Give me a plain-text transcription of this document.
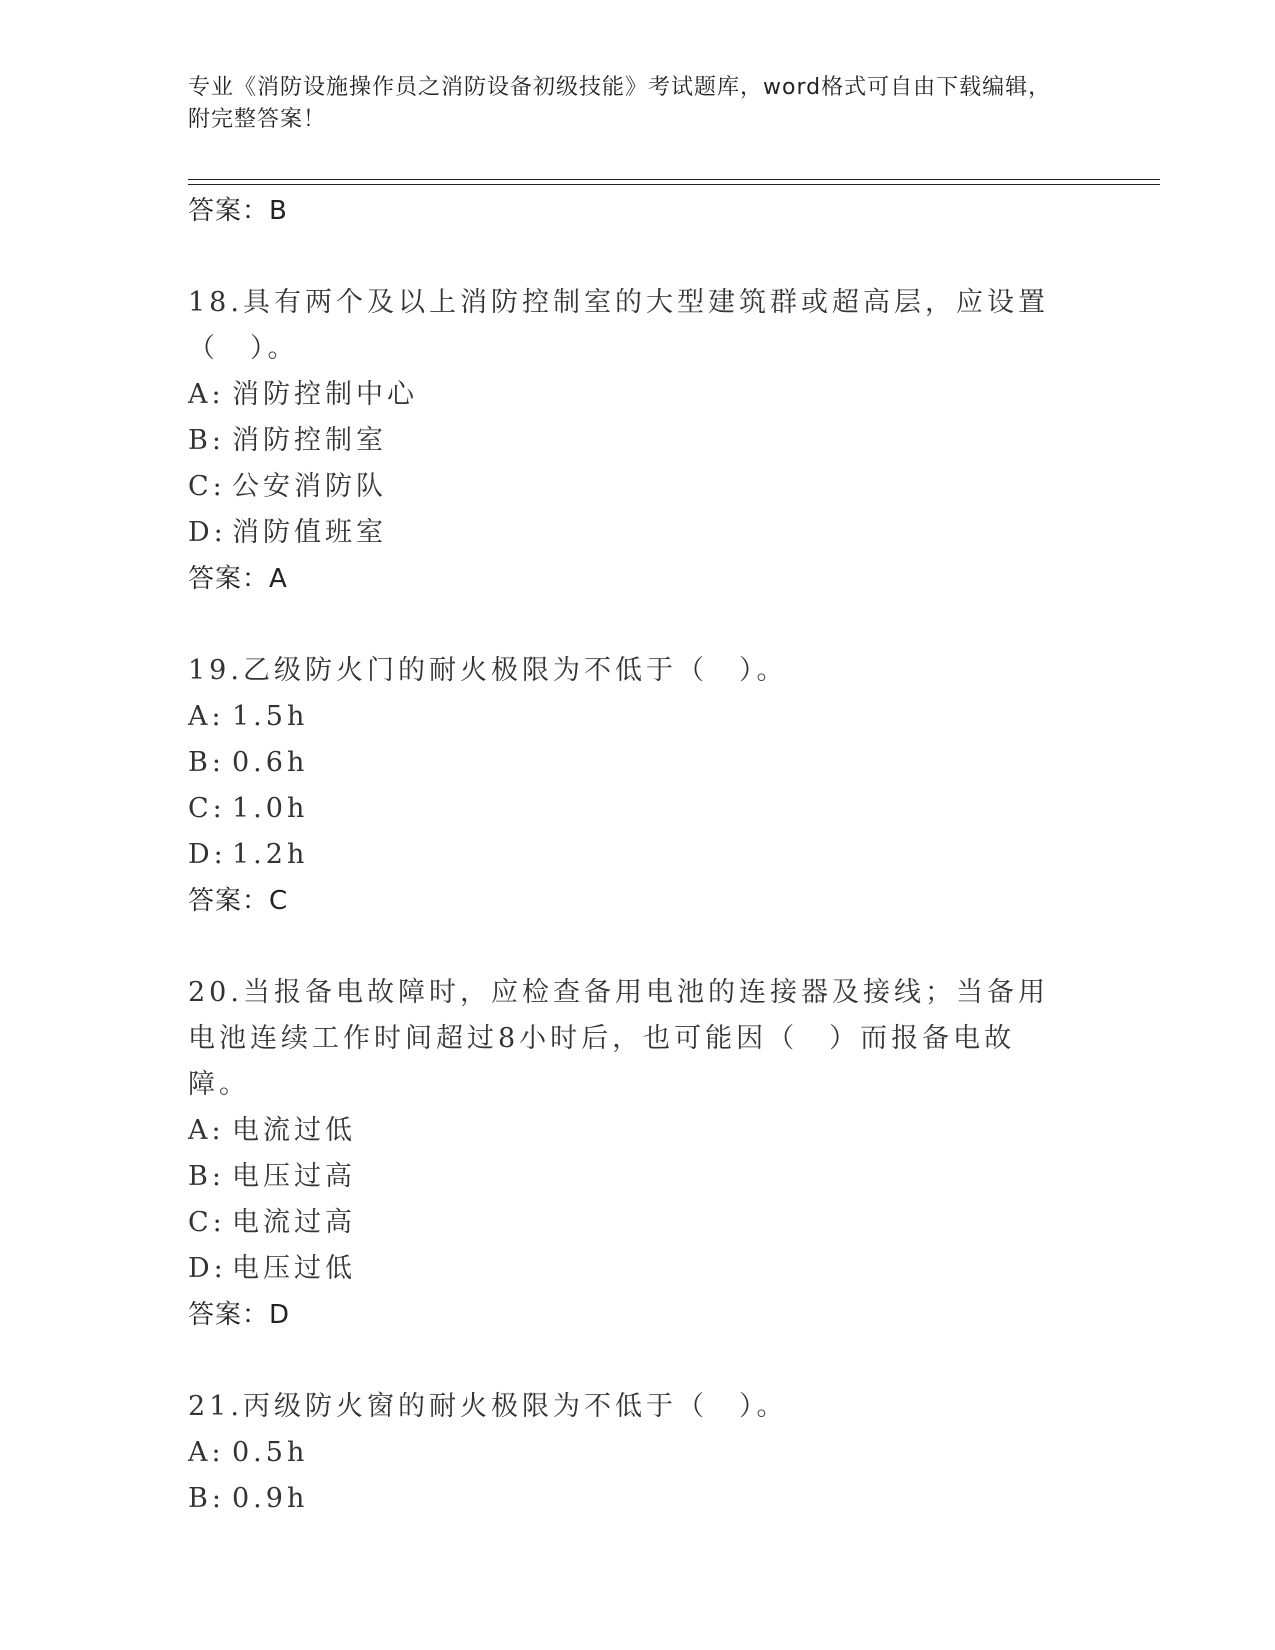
专业《消防设施操作员之消防设备初级技能》考试题库，word格式可自由下载编辑，附完整答案！
答案：B
18.具有两个及以上消防控制室的大型建筑群或超高层，应设置（　）。
A: 消防控制中心
B: 消防控制室
C: 公安消防队
D: 消防值班室
答案：A
19.乙级防火门的耐火极限为不低于（　）。
A: 1.5h
B: 0.6h
C: 1.0h
D: 1.2h
答案：C
20.当报备电故障时，应检查备用电池的连接器及接线；当备用电池连续工作时间超过8小时后，也可能因（　）而报备电故障。
A: 电流过低
B: 电压过高
C: 电流过高
D: 电压过低
答案：D
21.丙级防火窗的耐火极限为不低于（　）。
A: 0.5h
B: 0.9h
